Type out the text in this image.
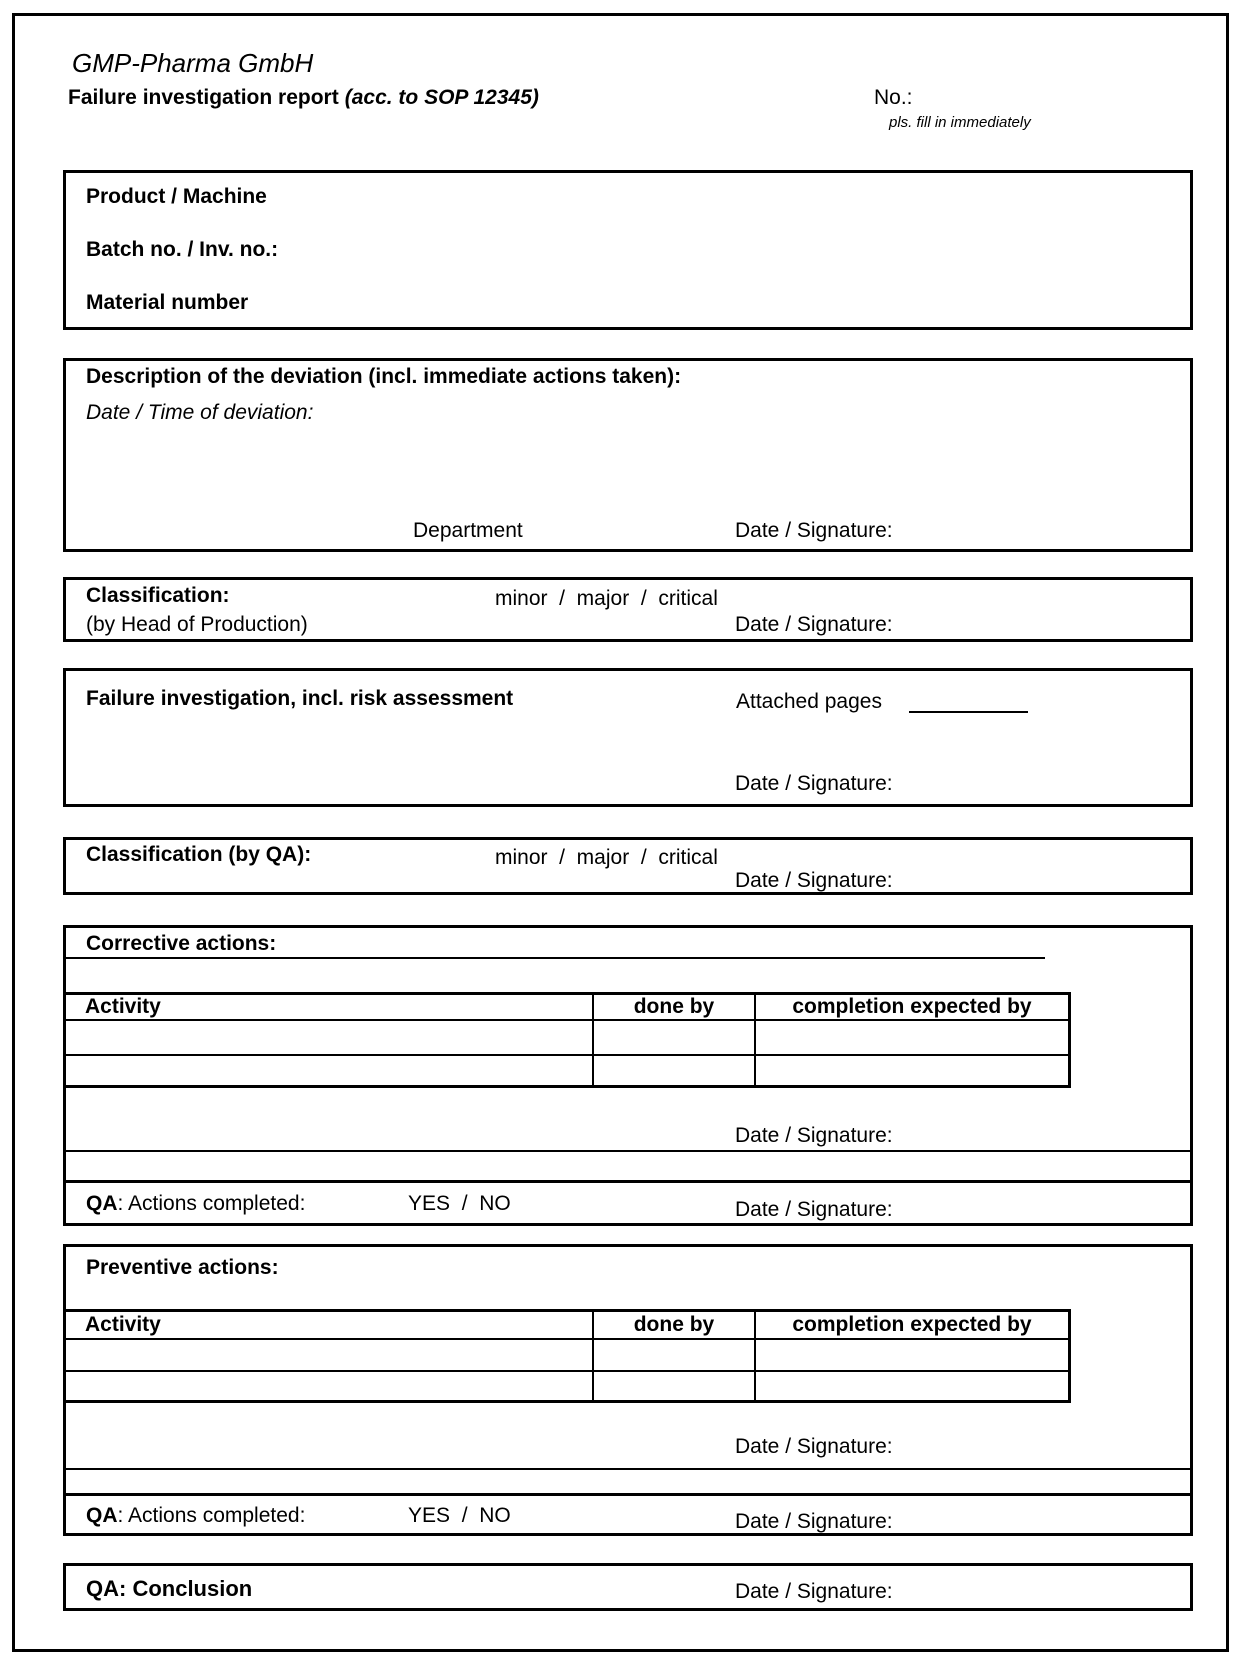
GMP-Pharma GmbH
Failure investigation report (acc. to SOP 12345)	No.:
pls. fill in immediately
Product / Machine
Batch no. / Inv. no.:
Material number
Description of the deviation (incl. immediate actions taken):
Date / Time of deviation:
Department	Date / Signature:
Classification:	minor  /  major  /  critical
(by Head of Production)	Date / Signature:
Failure investigation, incl. risk assessment	Attached pages
Date / Signature:
Classification (by QA):	minor  /  major  /  critical
Date / Signature:
Corrective actions:
Activity	done by	completion expected by

Date / Signature:
QA: Actions completed:	YES  /  NO	Date / Signature:
Preventive actions:
Activity	done by	completion expected by

Date / Signature:
QA: Actions completed:	YES  /  NO	Date / Signature:
QA: Conclusion	Date / Signature:
